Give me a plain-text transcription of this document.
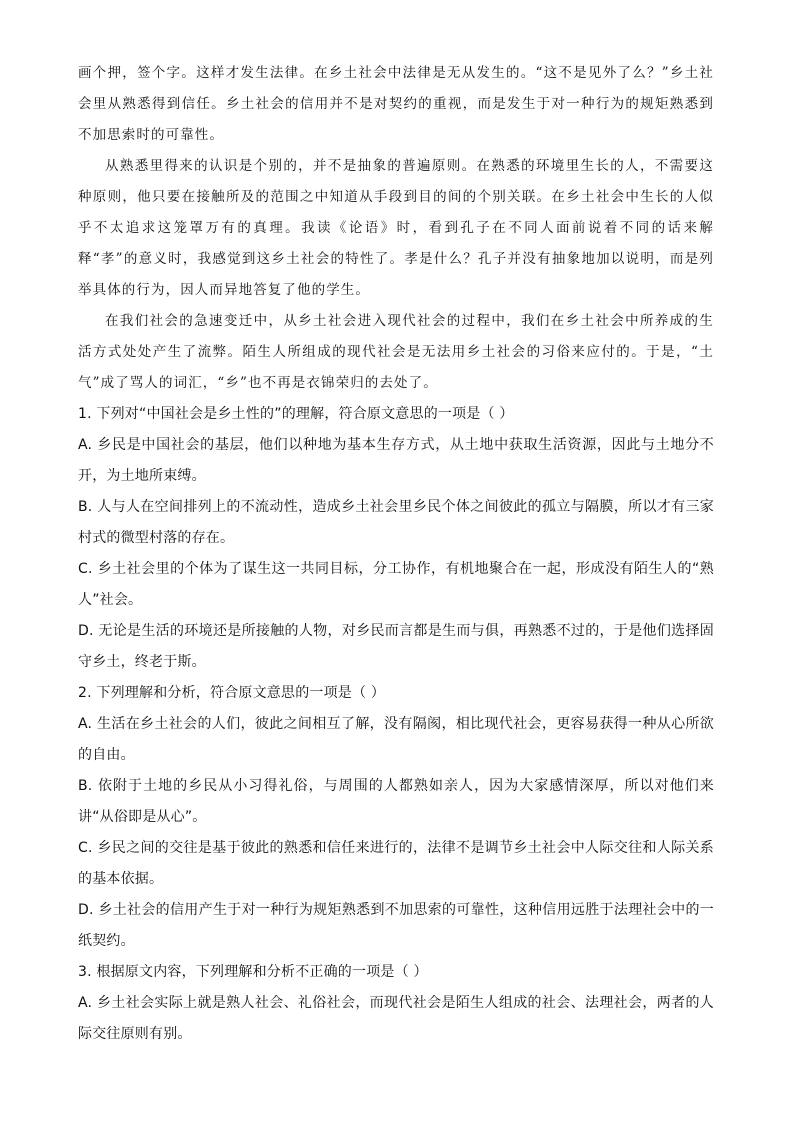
画个押，签个字。这样才发生法律。在乡土社会中法律是无从发生的。“这不是见外了么？”乡土社会里从熟悉得到信任。乡土社会的信用并不是对契约的重视，而是发生于对一种行为的规矩熟悉到不加思索时的可靠性。

从熟悉里得来的认识是个别的，并不是抽象的普遍原则。在熟悉的环境里生长的人，不需要这种原则，他只要在接触所及的范围之中知道从手段到目的间的个别关联。在乡土社会中生长的人似乎不太追求这笼罩万有的真理。我读《论语》时，看到孔子在不同人面前说着不同的话来解释“孝”的意义时，我感觉到这乡土社会的特性了。孝是什么？孔子并没有抽象地加以说明，而是列举具体的行为，因人而异地答复了他的学生。

在我们社会的急速变迁中，从乡土社会进入现代社会的过程中，我们在乡土社会中所养成的生活方式处处产生了流弊。陌生人所组成的现代社会是无法用乡土社会的习俗来应付的。于是，“土气”成了骂人的词汇，“乡”也不再是衣锦荣归的去处了。

1. 下列对“中国社会是乡土性的”的理解，符合原文意思的一项是（ ）

A. 乡民是中国社会的基层，他们以种地为基本生存方式，从土地中获取生活资源，因此与土地分不开，为土地所束缚。

B. 人与人在空间排列上的不流动性，造成乡土社会里乡民个体之间彼此的孤立与隔膜，所以才有三家村式的微型村落的存在。

C. 乡土社会里的个体为了谋生这一共同目标，分工协作，有机地聚合在一起，形成没有陌生人的“熟人”社会。

D. 无论是生活的环境还是所接触的人物，对乡民而言都是生而与俱，再熟悉不过的，于是他们选择固守乡土，终老于斯。

2. 下列理解和分析，符合原文意思的一项是（ ）

A. 生活在乡土社会的人们，彼此之间相互了解，没有隔阂，相比现代社会，更容易获得一种从心所欲的自由。

B. 依附于土地的乡民从小习得礼俗，与周围的人都熟如亲人，因为大家感情深厚，所以对他们来讲“从俗即是从心”。

C. 乡民之间的交往是基于彼此的熟悉和信任来进行的，法律不是调节乡土社会中人际交往和人际关系的基本依据。

D. 乡土社会的信用产生于对一种行为规矩熟悉到不加思索的可靠性，这种信用远胜于法理社会中的一纸契约。

3. 根据原文内容，下列理解和分析不正确的一项是（ ）

A. 乡土社会实际上就是熟人社会、礼俗社会，而现代社会是陌生人组成的社会、法理社会，两者的人际交往原则有别。
